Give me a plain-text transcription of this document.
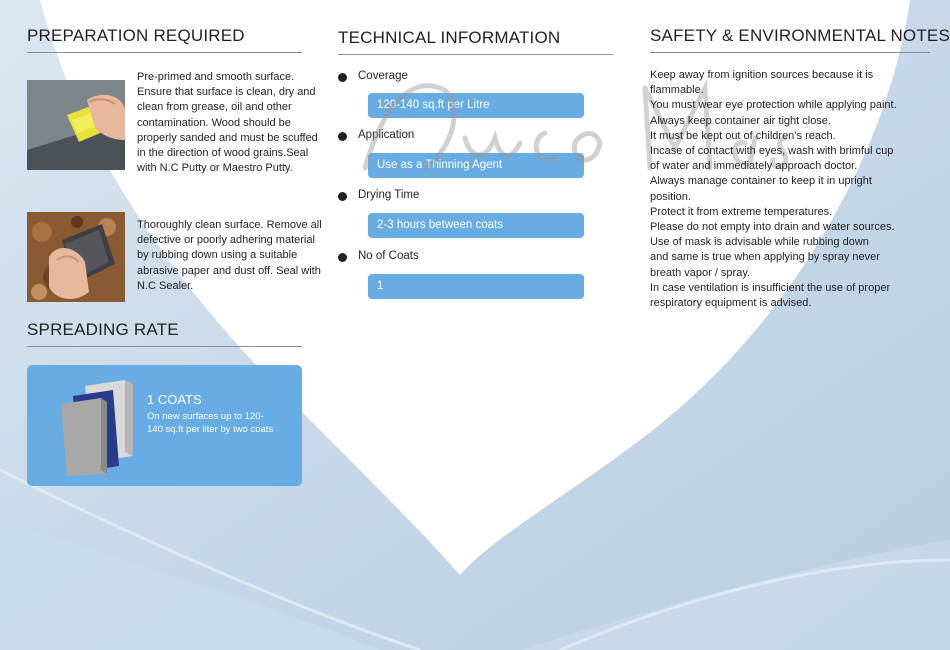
PREPARATION REQUIRED
Pre-primed and smooth surface. Ensure that surface is clean, dry and clean from grease, oil and other contamination. Wood should be properly sanded and must be scuffed in the direction of wood grains.Seal with N.C Putty or Maestro Putty.
Thoroughly clean surface. Remove all defective or poorly adhering material by rubbing down using a suitable abrasive paper and dust off. Seal with N.C Sealer.
SPREADING RATE
1 COATS
On new surfaces up to 120-140 sq.ft per liter by two coats
TECHNICAL INFORMATION
Coverage
120-140 sq.ft per Litre
Application
Use as a Thinning Agent
Drying Time
2-3 hours between coats
No of Coats
1
SAFETY & ENVIRONMENTAL NOTES
Keep away from ignition sources because it is
flammable.
You must wear eye protection while applying paint.
Always keep container air tight close.
It must be kept out of children’s reach.
Incase of contact with eyes, wash with brimful cup
of water and immediately approach doctor.
Always manage container to keep it in upright
position.
Protect it from extreme temperatures.
Please do not empty into drain and water sources.
Use of mask is advisable while rubbing down
and same is true when applying by spray never
breath vapor / spray.
In case ventilation is insufficient the use of proper
respiratory equipment is advised.
